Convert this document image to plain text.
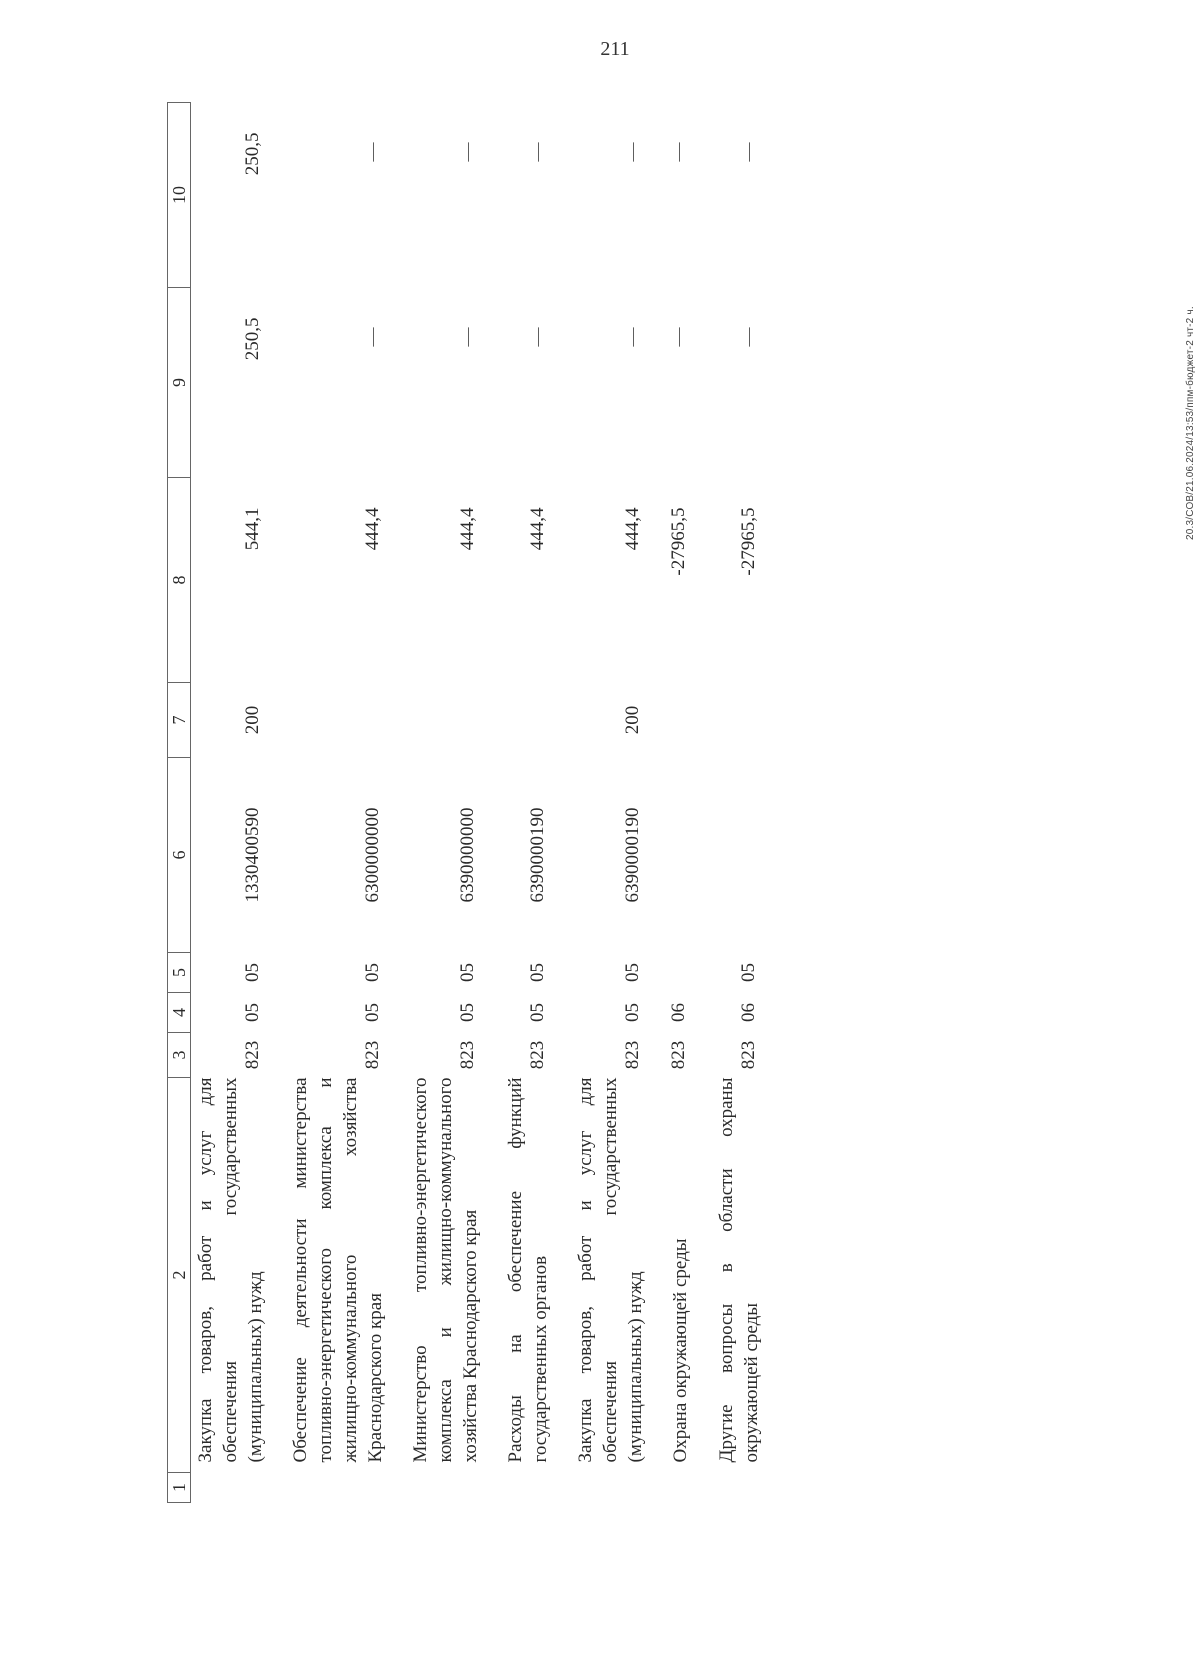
211
20.3/СОВ/21.06.2024/13:53/ппм-бюджет-2 чт-2 ч.
1	2	3	4	5	6	7	8	9	10
	Закупка товаров, работ и услуг для обеспечения государственных (муниципальных) нужд	823	05	05	1330400590	200	544,1	250,5	250,5

	Обеспечение деятельности министерства топливно-энергетического комплекса и жилищно-коммунального хозяйства Краснодарского края	823	05	05	6300000000		444,4	—	—

	Министерство топливно-энергетического комплекса и жилищно-коммунального хозяйства Краснодарского края	823	05	05	6390000000		444,4	—	—

	Расходы на обеспечение функций государственных органов	823	05	05	6390000190		444,4	—	—

	Закупка товаров, работ и услуг для обеспечения государственных (муниципальных) нужд	823	05	05	6390000190	200	444,4	—	—

	Охрана окружающей среды	823	06				-27965,5	—	—

	Другие вопросы в области охраны окружающей среды	823	06	05			-27965,5	—	—
